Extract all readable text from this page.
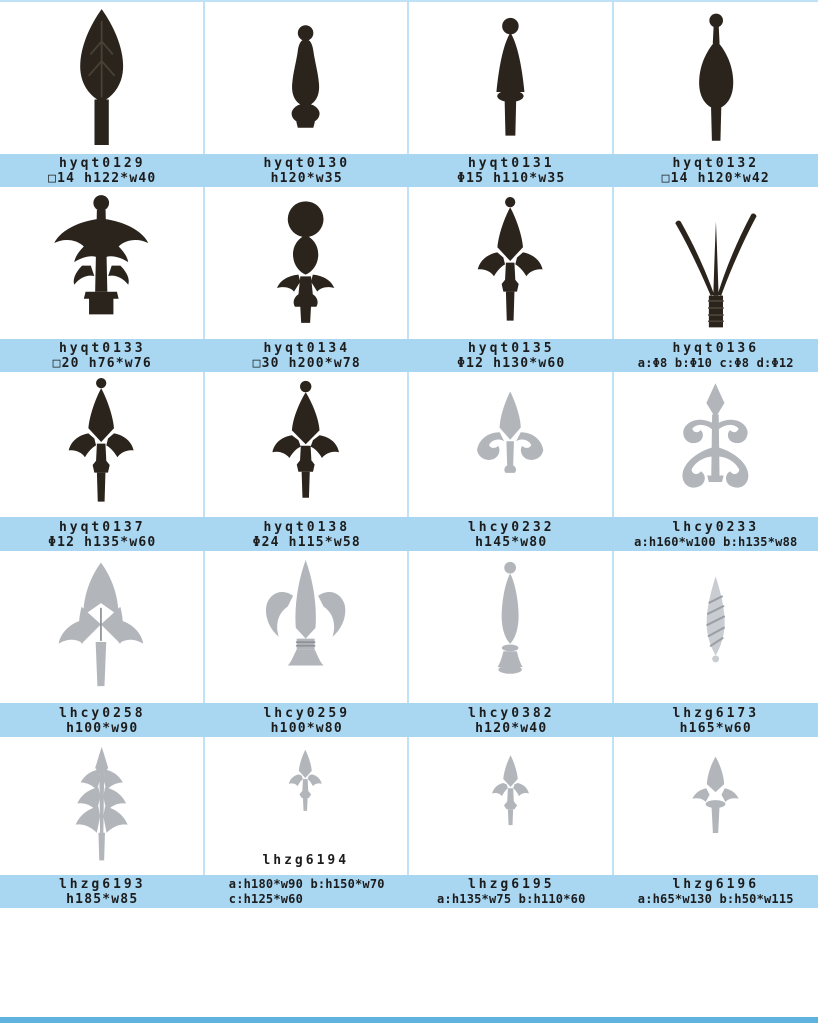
hyqt0129
□14 h122*w40
hyqt0130
h120*w35
hyqt0131
Φ15 h110*w35
hyqt0132
□14 h120*w42
hyqt0133
□20 h76*w76
hyqt0134
□30 h200*w78
hyqt0135
Φ12 h130*w60
hyqt0136
a:Φ8 b:Φ10 c:Φ8 d:Φ12
hyqt0137
Φ12 h135*w60
hyqt0138
Φ24 h115*w58
lhcy0232
h145*w80
lhcy0233
a:h160*w100 b:h135*w88
lhcy0258
h100*w90
lhcy0259
h100*w80
lhcy0382
h120*w40
lhzg6173
h165*w60
lhzg6193
h185*w85
lhzg6194
a:h180*w90 b:h150*w70
c:h125*w60
lhzg6195
a:h135*w75 b:h110*60
lhzg6196
a:h65*w130 b:h50*w115
